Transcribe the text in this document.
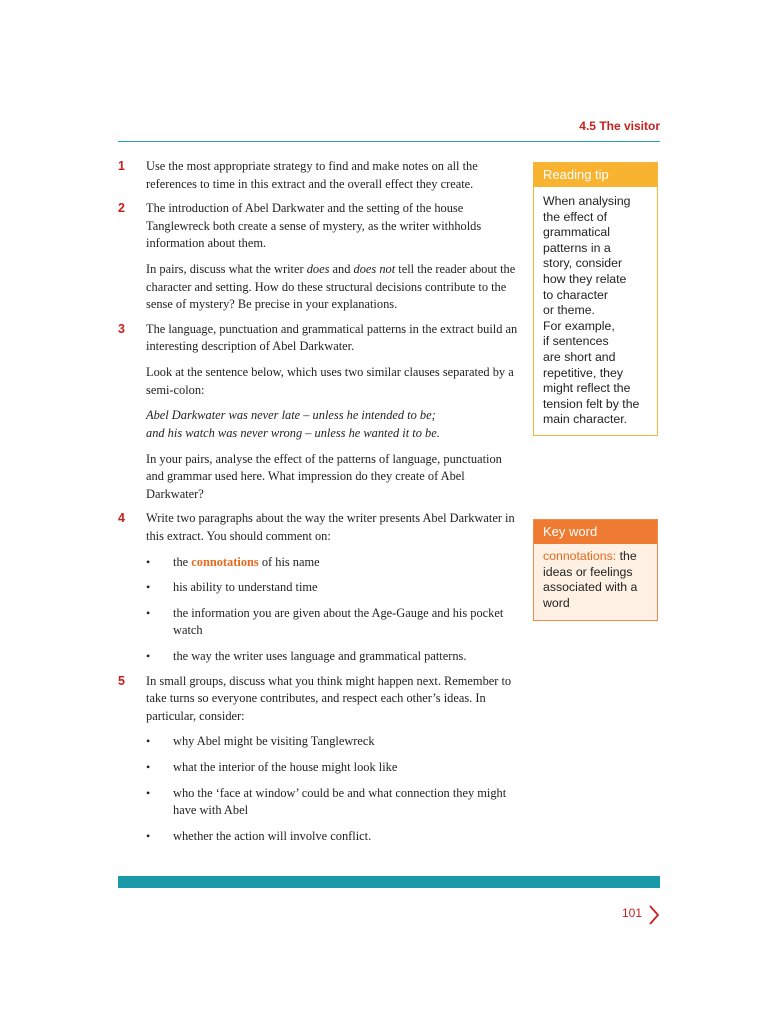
4.5 The visitor
1 Use the most appropriate strategy to find and make notes on all the references to time in this extract and the overall effect they create.

2 The introduction of Abel Darkwater and the setting of the house Tanglewreck both create a sense of mystery, as the writer withholds information about them.

In pairs, discuss what the writer does and does not tell the reader about the character and setting. How do these structural decisions contribute to the sense of mystery? Be precise in your explanations.

3 The language, punctuation and grammatical patterns in the extract build an interesting description of Abel Darkwater.

Look at the sentence below, which uses two similar clauses separated by a semi-colon:

Abel Darkwater was never late – unless he intended to be;
and his watch was never wrong – unless he wanted it to be.

In your pairs, analyse the effect of the patterns of language, punctuation and grammar used here. What impression do they create of Abel Darkwater?

4 Write two paragraphs about the way the writer presents Abel Darkwater in this extract. You should comment on:

• the connotations of his name
• his ability to understand time
• the information you are given about the Age-Gauge and his pocket watch
• the way the writer uses language and grammatical patterns.
5 In small groups, discuss what you think might happen next. Remember to take turns so everyone contributes, and respect each other’s ideas. In particular, consider:

• why Abel might be visiting Tanglewreck
• what the interior of the house might look like
• who the ‘face at window’ could be and what connection they might have with Abel
• whether the action will involve conflict.
Reading tip
When analysing
the effect of
grammatical
patterns in a
story, consider
how they relate
to character
or theme.
For example,
if sentences
are short and
repetitive, they
might reflect the
tension felt by the
main character.
Key word
connotations: the
ideas or feelings
associated with a
word
101
